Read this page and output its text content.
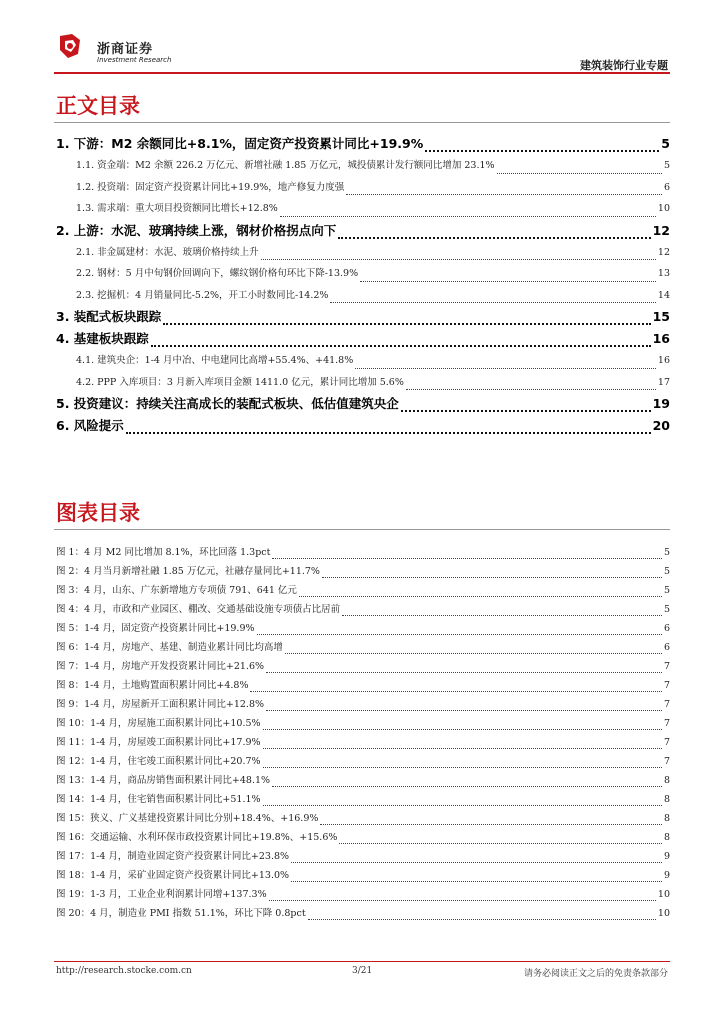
浙商证券
Investment Research	建筑装饰行业专题
正文目录
1. 下游：M2 余额同比+8.1%，固定资产投资累计同比+19.9%	5
1.1. 资金端：M2 余额 226.2 万亿元、新增社融 1.85 万亿元，城投债累计发行额同比增加 23.1%	5
1.2. 投资端：固定资产投资累计同比+19.9%，地产修复力度强	6
1.3. 需求端：重大项目投资额同比增长+12.8%	10
2. 上游：水泥、玻璃持续上涨，钢材价格拐点向下	12
2.1. 非金属建材：水泥、玻璃价格持续上升	12
2.2. 钢材：5 月中旬钢价回调向下，螺纹钢价格旬环比下降-13.9%	13
2.3. 挖掘机：4 月销量同比-5.2%，开工小时数同比-14.2%	14
3. 装配式板块跟踪	15
4. 基建板块跟踪	16
4.1. 建筑央企：1-4 月中冶、中电建同比高增+55.4%、+41.8%	16
4.2. PPP 入库项目：3 月新入库项目金额 1411.0 亿元，累计同比增加 5.6%	17
5. 投资建议：持续关注高成长的装配式板块、低估值建筑央企	19
6. 风险提示	20
图表目录
图 1：4 月 M2 同比增加 8.1%，环比回落 1.3pct	5
图 2：4 月当月新增社融 1.85 万亿元，社融存量同比+11.7%	5
图 3：4 月，山东、广东新增地方专项债 791、641 亿元	5
图 4：4 月，市政和产业园区、棚改、交通基础设施专项债占比居前	5
图 5：1-4 月，固定资产投资累计同比+19.9%	6
图 6：1-4 月，房地产、基建、制造业累计同比均高增	6
图 7：1-4 月，房地产开发投资累计同比+21.6%	7
图 8：1-4 月，土地购置面积累计同比+4.8%	7
图 9：1-4 月，房屋新开工面积累计同比+12.8%	7
图 10：1-4 月，房屋施工面积累计同比+10.5%	7
图 11：1-4 月，房屋竣工面积累计同比+17.9%	7
图 12：1-4 月，住宅竣工面积累计同比+20.7%	7
图 13：1-4 月，商品房销售面积累计同比+48.1%	8
图 14：1-4 月，住宅销售面积累计同比+51.1%	8
图 15：狭义、广义基建投资累计同比分别+18.4%、+16.9%	8
图 16：交通运输、水利环保市政投资累计同比+19.8%、+15.6%	8
图 17：1-4 月，制造业固定资产投资累计同比+23.8%	9
图 18：1-4 月，采矿业固定资产投资累计同比+13.0%	9
图 19：1-3 月，工业企业利润累计同增+137.3%	10
图 20：4 月，制造业 PMI 指数 51.1%，环比下降 0.8pct	10
http://research.stocke.com.cn	3/21	请务必阅读正文之后的免责条款部分
